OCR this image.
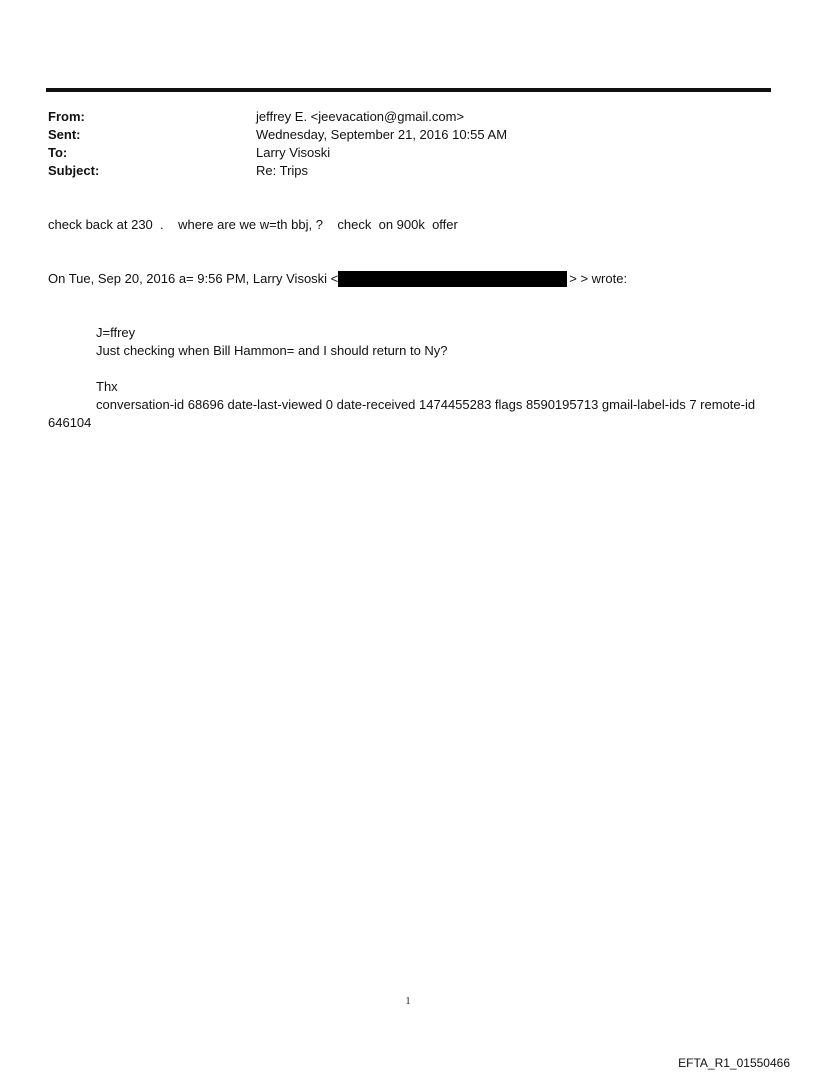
From:	jeffrey E. <jeevacation@gmail.com>
Sent:	Wednesday, September 21, 2016 10:55 AM
To:	Larry Visoski
Subject:	Re: Trips
check back at 230  .    where are we w=th bbj, ?    check  on 900k  offer
On Tue, Sep 20, 2016 a= 9:56 PM, Larry Visoski <	> > wrote:
J=ffrey
Just checking when Bill Hammon= and I should return to Ny?
Thx
conversation-id 68696 date-last-viewed 0 date-received 1474455283 flags 8590195713 gmail-label-ids 7 remote-id 646104
1
EFTA_R1_01550466
